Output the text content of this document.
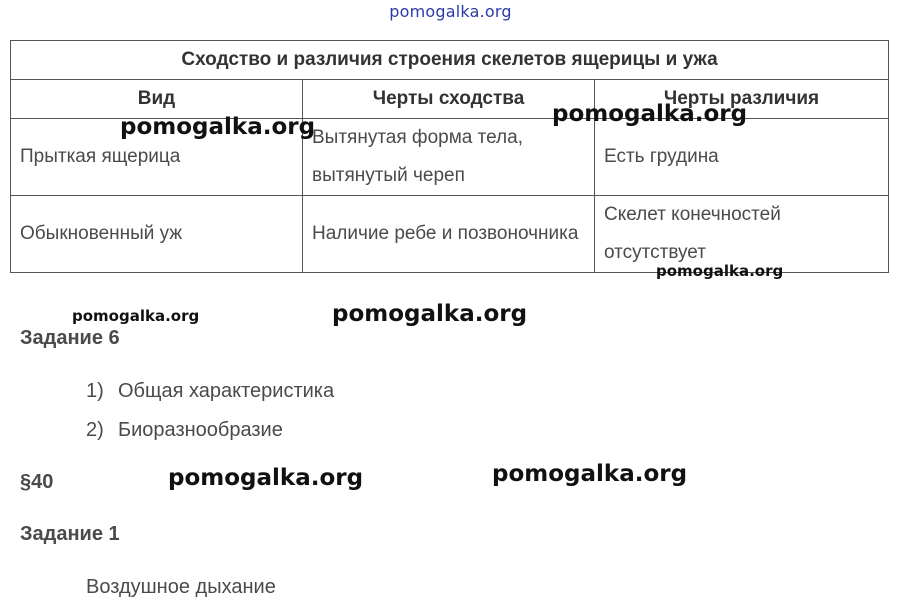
pomogalka.org
Сходство и различия строения скелетов ящерицы и ужа		
Вид	Черты сходства	Черты различия
Прыткая ящерица	Вытянутая форма тела, вытянутый череп	Есть грудина
Обыкновенный уж	Наличие ребе и позвоночника	Скелет конечностей отсутствует
pomogalka.org	pomogalka.org
pomogalka.org
pomogalka.org	pomogalka.org
Задание 6
1) Общая характеристика
2) Биоразнообразие
§40	pomogalka.org	pomogalka.org
Задание 1
Воздушное дыхание
